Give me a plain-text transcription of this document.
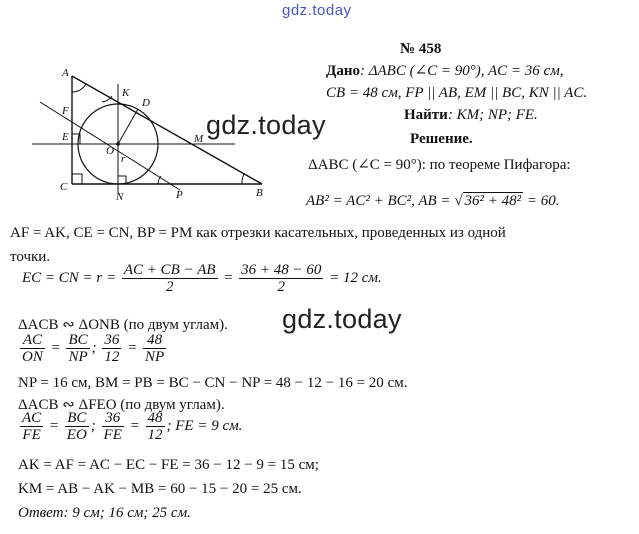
gdz.today
A
K
D
F
E
O
r
M
C
N	P	B
gdz.today
№ 458
Дано: ΔABC (∠C = 90°), AC = 36 см,
CB = 48 см, FP || AB, EM || BC, KN || AC.
Найти: KM; NP; FE.
Решение.
ΔABC (∠C = 90°): по теореме Пифагора:
AB² = AC² + BC², AB = √ 36² + 48² = 60.
AF = AK, CE = CN, BP = PM как отрезки касательных, проведенных из одной
точки.
EC = CN = $r = \frac{AC + CB - AB}{2} = \frac{36 + 48 - 60}{2} = 12$ см.
ΔACB ∾ ΔONB (по двум углам). gdz.today
$\frac{AC}{ON} = \frac{BC}{NP}$ ; $\frac{36}{12} = \frac{48}{NP}$
NP = 16 см, BM = PB = BC − CN − NP = 48 − 12 − 16 = 20 см.
ΔACB ∾ ΔFEO (по двум углам).
$\frac{AC}{FE} = \frac{BC}{EO}$ ; $\frac{36}{FE} = \frac{48}{12}$ ; FE = 9 см.
AK = AF = AC − EC − FE = 36 − 12 − 9 = 15 см;
KM = AB − AK − MB = 60 − 15 − 20 = 25 см.
Ответ: 9 см; 16 см; 25 см.
